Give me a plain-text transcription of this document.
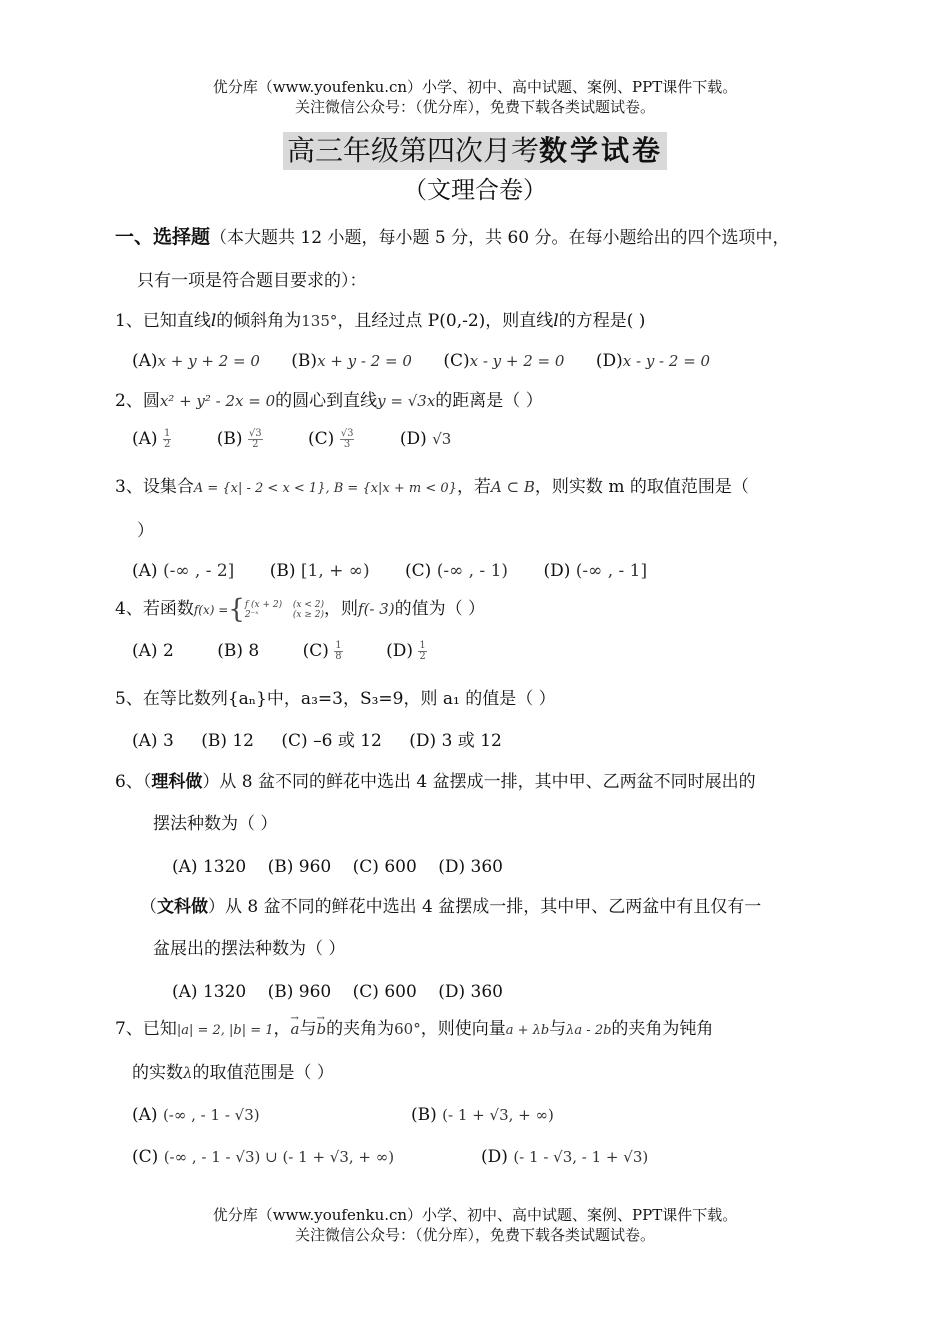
优分库（www.youfenku.cn）小学、初中、高中试题、案例、PPT课件下载。
关注微信公众号：（优分库），免费下载各类试题试卷。
高三年级第四次月考数学试卷
（文理合卷）
一、选择题（本大题共 12 小题，每小题 5 分，共 60 分。在每小题给出的四个选项中，
只有一项是符合题目要求的）：
1、已知直线l的倾斜角为135°，且经过点 P(0,-2)，则直线l的方程是( )
(A)x + y + 2 = 0 (B)x + y - 2 = 0 (C)x - y + 2 = 0 (D)x - y - 2 = 0
2、圆x² + y² - 2x = 0的圆心到直线y = √3x的距离是（ ）
$(A) \frac{1}{2}$	$(B) \frac{√3}{2}$	$(C) \frac{√3}{3}$	(D) √3
3、设集合A = {x| - 2 < x < 1}, B = {x|x + m < 0}，若A ⊂ B，则实数 m 的取值范围是（
）
(A) (-∞ , - 2] (B) [1, + ∞) (C) (-∞ , - 1) (D) (-∞ , - 1]
4、若函数f(x) ={f (x + 2)
2⁻ˣ  (x < 2)
(x ≥ 2)，则f(- 3)的值为（ ）
(A) 2	(B) 8	$(C) \frac{1}{8}$	$(D) \frac{1}{2}$
5、在等比数列{aₙ}中，a₃=3，S₃=9，则 a₁ 的值是（ ）
(A) 3 (B) 12 (C) –6 或 12 (D) 3 或 12
6、（理科做）从 8 盆不同的鲜花中选出 4 盆摆成一排，其中甲、乙两盆不同时展出的
摆法种数为（ ）
(A) 1320 (B) 960 (C) 600 (D) 360
（文科做）从 8 盆不同的鲜花中选出 4 盆摆成一排，其中甲、乙两盆中有且仅有一
盆展出的摆法种数为（ ）
(A) 1320 (B) 960 (C) 600 (D) 360
7、已知|a| = 2, |b| = 1，→ a与→ b的夹角为60°，则使向量a + λb与λa - 2b的夹角为钝角
的实数λ的取值范围是（ ）
(A) (-∞ , - 1 - √3)	(B) (- 1 + √3, + ∞)
(C) (-∞ , - 1 - √3) ∪ (- 1 + √3, + ∞)	(D) (- 1 - √3, - 1 + √3)
优分库（www.youfenku.cn）小学、初中、高中试题、案例、PPT课件下载。
关注微信公众号：（优分库），免费下载各类试题试卷。
